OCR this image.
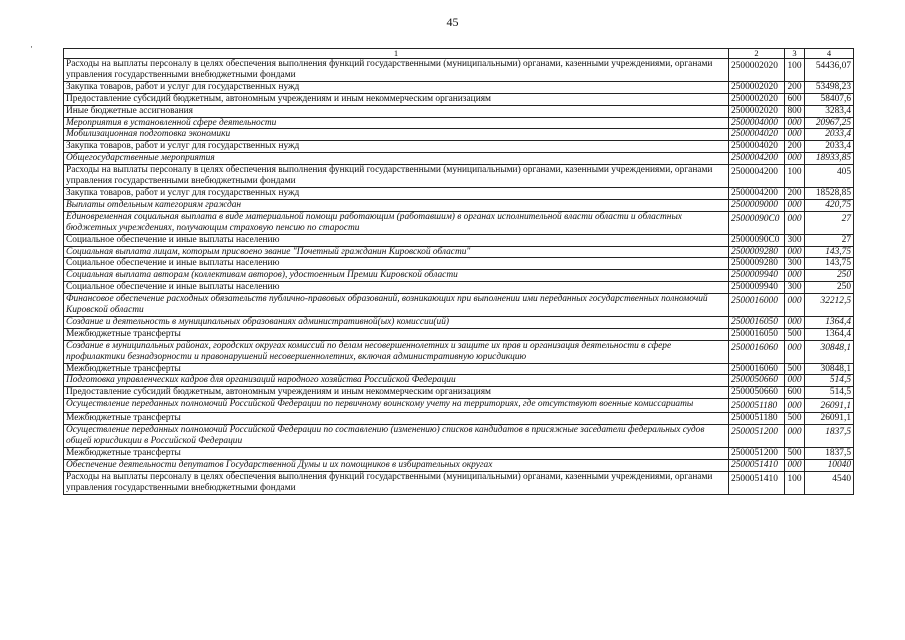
45
·
1	2	3	4
Расходы на выплаты персоналу в целях обеспечения выполнения функций государственными (муниципальными) органами, казенными учреждениями, органами управления государственными внебюджетными фондами	2500002020	100	54436,07
Закупка товаров, работ и услуг для государственных нужд	2500002020	200	53498,23
Предоставление субсидий бюджетным, автономным учреждениям и иным некоммерческим организациям	2500002020	600	58407,6
Иные бюджетные ассигнования	2500002020	800	3283,4
Мероприятия в установленной сфере деятельности	2500004000	000	20967,25
Мобилизационная подготовка экономики	2500004020	000	2033,4
Закупка товаров, работ и услуг для государственных нужд	2500004020	200	2033,4
Общегосударственные мероприятия	2500004200	000	18933,85
Расходы на выплаты персоналу в целях обеспечения выполнения функций государственными (муниципальными) органами, казенными учреждениями, органами управления государственными внебюджетными фондами	2500004200	100	405
Закупка товаров, работ и услуг для государственных нужд	2500004200	200	18528,85
Выплаты отдельным категориям граждан	2500009000	000	420,75
Единовременная социальная выплата в виде материальной помощи работающим (работавшим) в органах исполнительной власти области и областных бюджетных учреждениях, получающим страховую пенсию по старости	25000090С0	000	27
Социальное обеспечение и иные выплаты населению	25000090С0	300	27
Социальная выплата лицам, которым присвоено звание "Почетный гражданин Кировской области"	2500009280	000	143,75
Социальное обеспечение и иные выплаты населению	2500009280	300	143,75
Социальная выплата авторам (коллективам авторов), удостоенным Премии Кировской области	2500009940	000	250
Социальное обеспечение и иные выплаты населению	2500009940	300	250
Финансовое обеспечение расходных обязательств публично-правовых образований, возникающих при выполнении ими переданных государственных полномочий Кировской области	2500016000	000	32212,5
Создание и деятельность в муниципальных образованиях административной(ых) комиссии(ий)	2500016050	000	1364,4
Межбюджетные трансферты	2500016050	500	1364,4
Создание в муниципальных районах, городских округах комиссий по делам несовершеннолетних и защите их прав и организация деятельности в сфере профилактики безнадзорности и правонарушений несовершеннолетних, включая административную юрисдикцию	2500016060	000	30848,1
Межбюджетные трансферты	2500016060	500	30848,1
Подготовка управленческих кадров для организаций народного хозяйства Российской Федерации	2500050660	000	514,5
Предоставление субсидий бюджетным, автономным учреждениям и иным некоммерческим организациям	2500050660	600	514,5
Осуществление переданных полномочий Российской Федерации по первичному воинскому учету на территориях, где отсутствуют военные комиссариаты	2500051180	000	26091,1
Межбюджетные трансферты	2500051180	500	26091,1
Осуществление переданных полномочий Российской Федерации по составлению (изменению) списков кандидатов в присяжные заседатели федеральных судов общей юрисдикции в Российской Федерации	2500051200	000	1837,5
Межбюджетные трансферты	2500051200	500	1837,5
Обеспечение деятельности депутатов Государственной Думы и их помощников в избирательных округах	2500051410	000	10040
Расходы на выплаты персоналу в целях обеспечения выполнения функций государственными (муниципальными) органами, казенными учреждениями, органами управления государственными внебюджетными фондами	2500051410	100	4540
